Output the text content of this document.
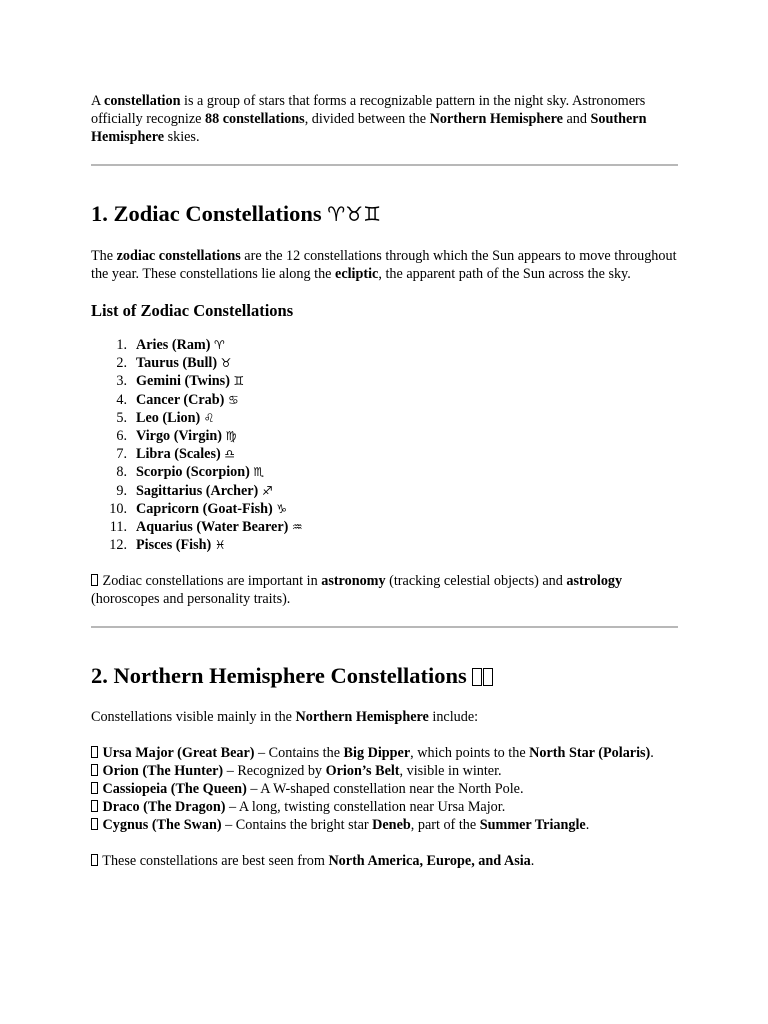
A constellation is a group of stars that forms a recognizable pattern in the night sky. Astronomers officially recognize 88 constellations, divided between the Northern Hemisphere and Southern Hemisphere skies.

1. Zodiac Constellations ♈♉♊

The zodiac constellations are the 12 constellations through which the Sun appears to move throughout the year. These constellations lie along the ecliptic, the apparent path of the Sun across the sky.

List of Zodiac Constellations
1. Aries (Ram) ♈
2. Taurus (Bull) ♉
3. Gemini (Twins) ♊
4. Cancer (Crab) ♋
5. Leo (Lion) ♌
6. Virgo (Virgin) ♍
7. Libra (Scales) ♎
8. Scorpio (Scorpion) ♏
9. Sagittarius (Archer) ♐
10. Capricorn (Goat-Fish) ♑
11. Aquarius (Water Bearer) ♒
12. Pisces (Fish) ♓

Zodiac constellations are important in astronomy (tracking celestial objects) and astrology (horoscopes and personality traits).

2. Northern Hemisphere Constellations

Constellations visible mainly in the Northern Hemisphere include:

Ursa Major (Great Bear) – Contains the Big Dipper, which points to the North Star (Polaris).

Orion (The Hunter) – Recognized by Orion’s Belt, visible in winter.

Cassiopeia (The Queen) – A W-shaped constellation near the North Pole.

Draco (The Dragon) – A long, twisting constellation near Ursa Major.

Cygnus (The Swan) – Contains the bright star Deneb, part of the Summer Triangle.

These constellations are best seen from North America, Europe, and Asia.
